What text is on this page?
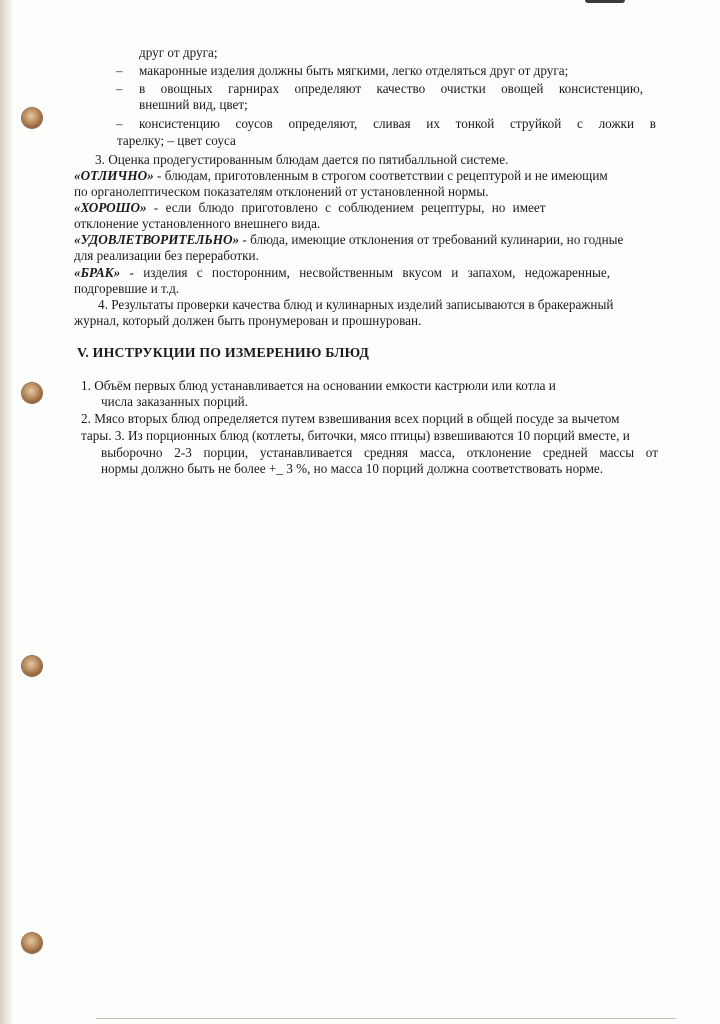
друг от друга;
– макаронные изделия должны быть мягкими, легко отделяться друг от друга;
– в овощных гарнирах определяют качество очистки овощей консистенцию,
внешний вид, цвет;
– консистенцию соусов определяют, сливая их тонкой струйкой с ложки в
тарелку; – цвет соуса
3. Оценка продегустированным блюдам дается по пятибалльной системе.
«ОТЛИЧНО» - блюдам, приготовленным в строгом соответствии с рецептурой и не имеющим
по органолептическом показателям отклонений от установленной нормы.
«ХОРОШО» - если блюдо приготовлено с соблюдением рецептуры, но имеет
отклонение установленного внешнего вида.
«УДОВЛЕТВОРИТЕЛЬНО» - блюда, имеющие отклонения от требований кулинарии, но годные
для реализации без переработки.
«БРАК» - изделия с посторонним, несвойственным вкусом и запахом, недожаренные,
подгоревшие и т.д.
4. Результаты проверки качества блюд и кулинарных изделий записываются в бракеражный
журнал, который должен быть пронумерован и прошнурован.
V. ИНСТРУКЦИИ ПО ИЗМЕРЕНИЮ БЛЮД
1. Объём первых блюд устанавливается на основании емкости кастрюли или котла и
числа заказанных порций.
2. Мясо вторых блюд определяется путем взвешивания всех порций в общей посуде за вычетом
тары. 3. Из порционных блюд (котлеты, биточки, мясо птицы) взвешиваются 10 порций вместе, и
выборочно 2-3 порции, устанавливается средняя масса, отклонение средней массы от
нормы должно быть не более +_ 3 %, но масса 10 порций должна соответствовать норме.
